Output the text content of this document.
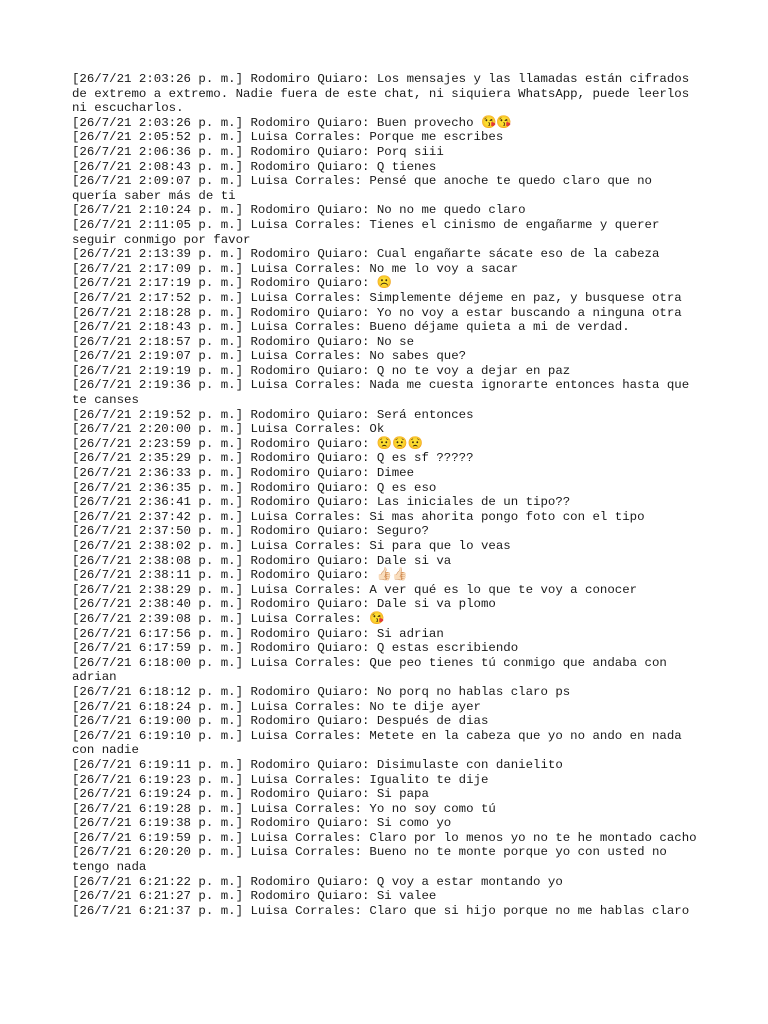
[26/7/21 2:03:26 p. m.] Rodomiro Quiaro: Los mensajes y las llamadas están cifrados de extremo a extremo. Nadie fuera de este chat, ni siquiera WhatsApp, puede leerlos ni escucharlos.
[26/7/21 2:03:26 p. m.] Rodomiro Quiaro: Buen provecho 😘😘
[26/7/21 2:05:52 p. m.] Luisa Corrales: Porque me escribes
[26/7/21 2:06:36 p. m.] Rodomiro Quiaro: Porq siii
[26/7/21 2:08:43 p. m.] Rodomiro Quiaro: Q tienes
[26/7/21 2:09:07 p. m.] Luisa Corrales: Pensé que anoche te quedo claro que no quería saber más de ti
[26/7/21 2:10:24 p. m.] Rodomiro Quiaro: No no me quedo claro
[26/7/21 2:11:05 p. m.] Luisa Corrales: Tienes el cinismo de engañarme y querer seguir conmigo por favor
[26/7/21 2:13:39 p. m.] Rodomiro Quiaro: Cual engañarte sácate eso de la cabeza
[26/7/21 2:17:09 p. m.] Luisa Corrales: No me lo voy a sacar
[26/7/21 2:17:19 p. m.] Rodomiro Quiaro: ☹️
[26/7/21 2:17:52 p. m.] Luisa Corrales: Simplemente déjeme en paz, y busquese otra
[26/7/21 2:18:28 p. m.] Rodomiro Quiaro: Yo no voy a estar buscando a ninguna otra
[26/7/21 2:18:43 p. m.] Luisa Corrales: Bueno déjame quieta a mi de verdad.
[26/7/21 2:18:57 p. m.] Rodomiro Quiaro: No se
[26/7/21 2:19:07 p. m.] Luisa Corrales: No sabes que?
[26/7/21 2:19:19 p. m.] Rodomiro Quiaro: Q no te voy a dejar en paz
[26/7/21 2:19:36 p. m.] Luisa Corrales: Nada me cuesta ignorarte entonces hasta que te canses
[26/7/21 2:19:52 p. m.] Rodomiro Quiaro: Será entonces
[26/7/21 2:20:00 p. m.] Luisa Corrales: Ok
[26/7/21 2:23:59 p. m.] Rodomiro Quiaro: 😟😟😟
[26/7/21 2:35:29 p. m.] Rodomiro Quiaro: Q es sf ?????
[26/7/21 2:36:33 p. m.] Rodomiro Quiaro: Dimee
[26/7/21 2:36:35 p. m.] Rodomiro Quiaro: Q es eso
[26/7/21 2:36:41 p. m.] Rodomiro Quiaro: Las iniciales de un tipo??
[26/7/21 2:37:42 p. m.] Luisa Corrales: Si mas ahorita pongo foto con el tipo
[26/7/21 2:37:50 p. m.] Rodomiro Quiaro: Seguro?
[26/7/21 2:38:02 p. m.] Luisa Corrales: Si para que lo veas
[26/7/21 2:38:08 p. m.] Rodomiro Quiaro: Dale si va
[26/7/21 2:38:11 p. m.] Rodomiro Quiaro: 👍🏻👍🏻
[26/7/21 2:38:29 p. m.] Luisa Corrales: A ver qué es lo que te voy a conocer
[26/7/21 2:38:40 p. m.] Rodomiro Quiaro: Dale si va plomo
[26/7/21 2:39:08 p. m.] Luisa Corrales: 😘
[26/7/21 6:17:56 p. m.] Rodomiro Quiaro: Si adrian
[26/7/21 6:17:59 p. m.] Rodomiro Quiaro: Q estas escribiendo
[26/7/21 6:18:00 p. m.] Luisa Corrales: Que peo tienes tú conmigo que andaba con adrian
[26/7/21 6:18:12 p. m.] Rodomiro Quiaro: No porq no hablas claro ps
[26/7/21 6:18:24 p. m.] Luisa Corrales: No te dije ayer
[26/7/21 6:19:00 p. m.] Rodomiro Quiaro: Después de dias
[26/7/21 6:19:10 p. m.] Luisa Corrales: Metete en la cabeza que yo no ando en nada con nadie
[26/7/21 6:19:11 p. m.] Rodomiro Quiaro: Disimulaste con danielito
[26/7/21 6:19:23 p. m.] Luisa Corrales: Igualito te dije
[26/7/21 6:19:24 p. m.] Rodomiro Quiaro: Si papa
[26/7/21 6:19:28 p. m.] Luisa Corrales: Yo no soy como tú
[26/7/21 6:19:38 p. m.] Rodomiro Quiaro: Si como yo
[26/7/21 6:19:59 p. m.] Luisa Corrales: Claro por lo menos yo no te he montado cacho
[26/7/21 6:20:20 p. m.] Luisa Corrales: Bueno no te monte porque yo con usted no tengo nada
[26/7/21 6:21:22 p. m.] Rodomiro Quiaro: Q voy a estar montando yo
[26/7/21 6:21:27 p. m.] Rodomiro Quiaro: Si valee
[26/7/21 6:21:37 p. m.] Luisa Corrales: Claro que si hijo porque no me hablas claro
